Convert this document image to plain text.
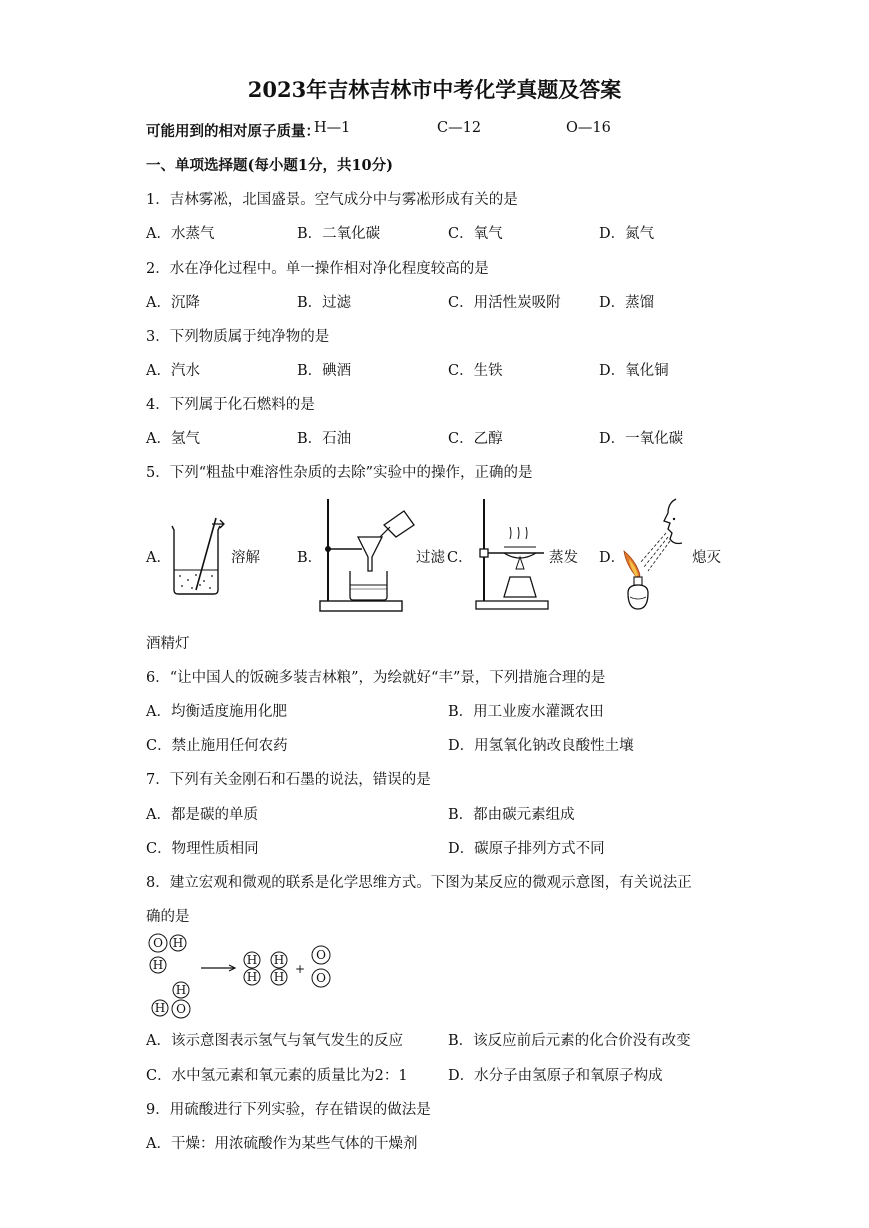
2023年吉林吉林市中考化学真题及答案
可能用到的相对原子质量：
H—1	C—12	O—16
一、单项选择题(每小题1分，共10分)
1．吉林雾凇，北国盛景。空气成分中与雾凇形成有关的是
A．水蒸气	B．二氧化碳	C．氧气	D．氮气
2．水在净化过程中。单一操作相对净化程度较高的是
A．沉降	B．过滤	C．用活性炭吸附	D．蒸馏
3．下列物质属于纯净物的是
A．汽水	B．碘酒	C．生铁	D．氧化铜
4．下列属于化石燃料的是
A．氢气	B．石油	C．乙醇	D．一氧化碳
5．下列“粗盐中难溶性杂质的去除”实验中的操作，正确的是
A．	溶解	B．	过滤 C．	蒸发 D．	熄灭
酒精灯
6．“让中国人的饭碗多装吉林粮”，为绘就好“丰”景，下列措施合理的是
A．均衡适度施用化肥	B．用工业废水灌溉农田
C．禁止施用任何农药	D．用氢氧化钠改良酸性土壤
7．下列有关金刚石和石墨的说法，错误的是
A．都是碳的单质	B．都由碳元素组成
C．物理性质相同	D．碳原子排列方式不同
8．建立宏观和微观的联系是化学思维方式。下图为某反应的微观示意图，有关说法正
确的是
O H
H
H
H O
H H
H H
O
O
+
A．该示意图表示氢气与氧气发生的反应	B．该反应前后元素的化合价没有改变
C．水中氢元素和氧元素的质量比为2：1	D．水分子由氢原子和氧原子构成
9．用硫酸进行下列实验，存在错误的做法是
A．干燥：用浓硫酸作为某些气体的干燥剂
